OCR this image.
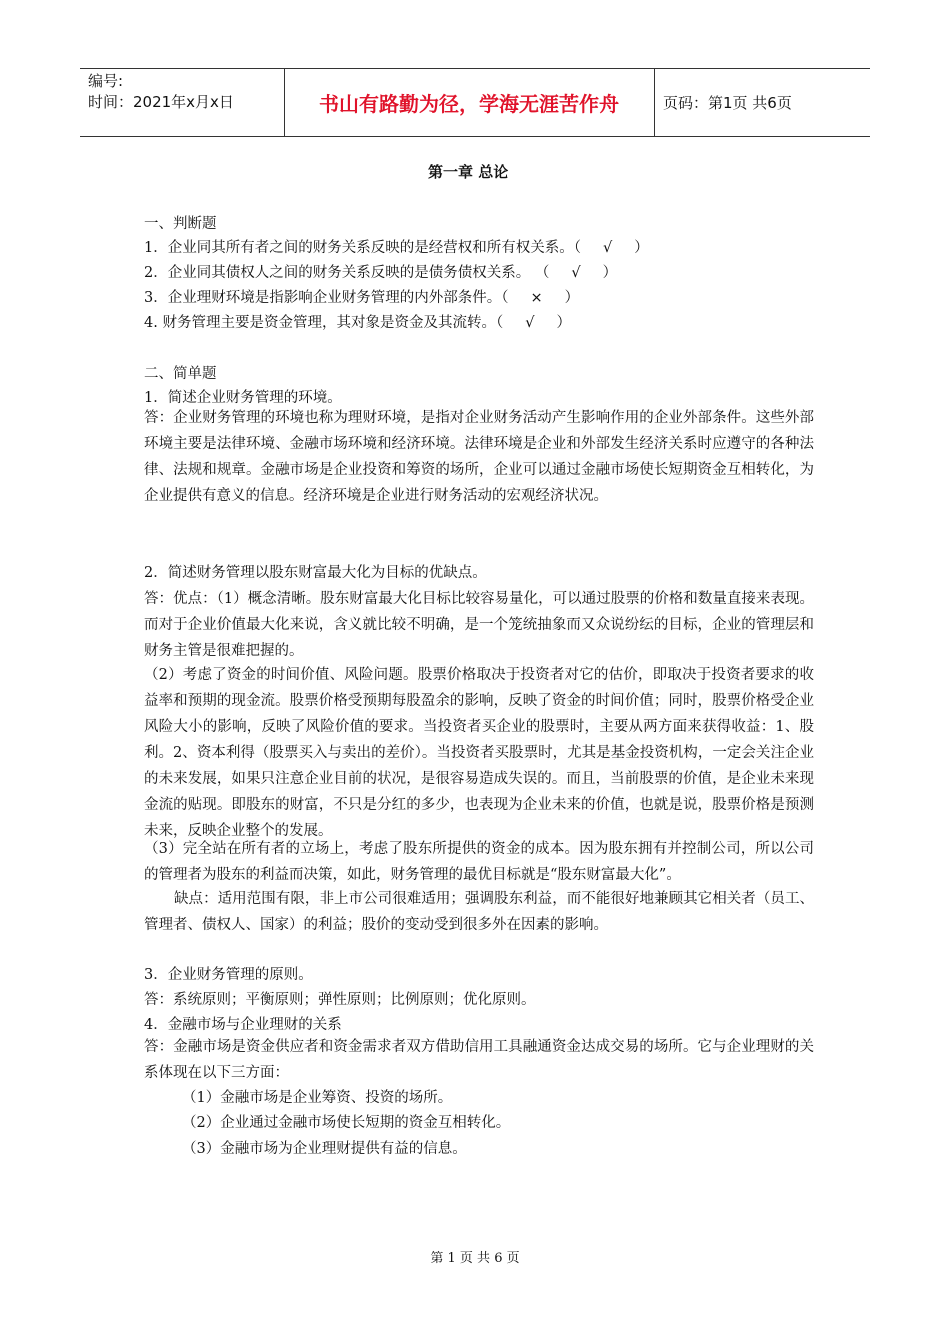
编号:
时间：2021年x月x日	书山有路勤为径，学海无涯苦作舟	页码：第1页 共6页
第一章 总论
一、判断题
1．企业同其所有者之间的财务关系反映的是经营权和所有权关系。（ √ ）
2．企业同其债权人之间的财务关系反映的是债务债权关系。 （ √ ）
3．企业理财环境是指影响企业财务管理的内外部条件。（ × ）
4. 财务管理主要是资金管理，其对象是资金及其流转。（ √ ）
二、简单题
1．简述企业财务管理的环境。
答：企业财务管理的环境也称为理财环境，是指对企业财务活动产生影响作用的企业外部条件。这些外部环境主要是法律环境、金融市场环境和经济环境。法律环境是企业和外部发生经济关系时应遵守的各种法律、法规和规章。金融市场是企业投资和筹资的场所，企业可以通过金融市场使长短期资金互相转化，为企业提供有意义的信息。经济环境是企业进行财务活动的宏观经济状况。
2．简述财务管理以股东财富最大化为目标的优缺点。
答：优点：（1）概念清晰。股东财富最大化目标比较容易量化，可以通过股票的价格和数量直接来表现。而对于企业价值最大化来说，含义就比较不明确，是一个笼统抽象而又众说纷纭的目标，企业的管理层和财务主管是很难把握的。
（2）考虑了资金的时间价值、风险问题。股票价格取决于投资者对它的估价，即取决于投资者要求的收益率和预期的现金流。股票价格受预期每股盈余的影响，反映了资金的时间价值；同时，股票价格受企业风险大小的影响，反映了风险价值的要求。当投资者买企业的股票时，主要从两方面来获得收益：1、股利。2、资本利得（股票买入与卖出的差价）。当投资者买股票时，尤其是基金投资机构，一定会关注企业的未来发展，如果只注意企业目前的状况，是很容易造成失误的。而且，当前股票的价值，是企业未来现金流的贴现。即股东的财富，不只是分红的多少，也表现为企业未来的价值，也就是说，股票价格是预测未来，反映企业整个的发展。
（3）完全站在所有者的立场上，考虑了股东所提供的资金的成本。因为股东拥有并控制公司，所以公司的管理者为股东的利益而决策，如此，财务管理的最优目标就是“股东财富最大化”。
缺点：适用范围有限，非上市公司很难适用；强调股东利益，而不能很好地兼顾其它相关者（员工、管理者、债权人、国家）的利益；股价的变动受到很多外在因素的影响。
3．企业财务管理的原则。
答：系统原则；平衡原则；弹性原则；比例原则；优化原则。
4．金融市场与企业理财的关系
答：金融市场是资金供应者和资金需求者双方借助信用工具融通资金达成交易的场所。它与企业理财的关系体现在以下三方面：
（1）金融市场是企业筹资、投资的场所。
（2）企业通过金融市场使长短期的资金互相转化。
（3）金融市场为企业理财提供有益的信息。
第 1 页 共 6 页
